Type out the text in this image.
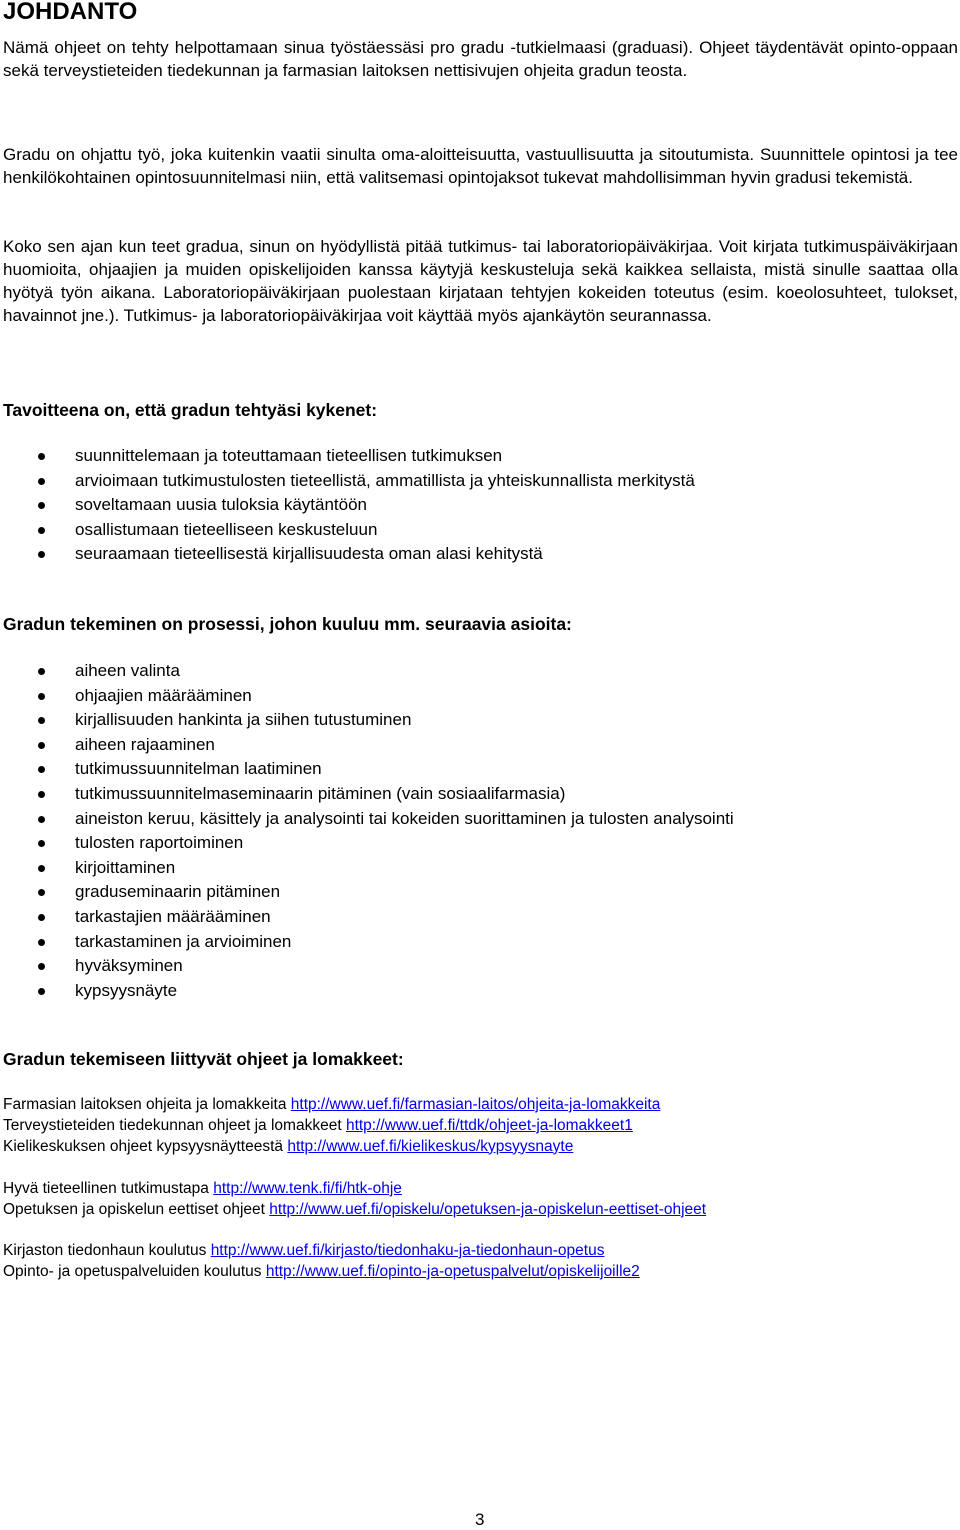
JOHDANTO

Nämä ohjeet on tehty helpottamaan sinua työstäessäsi pro gradu -tutkielmaasi (graduasi). Ohjeet täydentävät opinto-oppaan sekä terveystieteiden tiedekunnan ja farmasian laitoksen nettisivujen ohjeita gradun teosta.

Gradu on ohjattu työ, joka kuitenkin vaatii sinulta oma-aloitteisuutta, vastuullisuutta ja sitoutumista. Suunnittele opintosi ja tee henkilökohtainen opintosuunnitelmasi niin, että valitsemasi opintojaksot tukevat mahdollisimman hyvin gradusi tekemistä.

Koko sen ajan kun teet gradua, sinun on hyödyllistä pitää tutkimus- tai laboratoriopäiväkirjaa. Voit kirjata tutkimuspäiväkirjaan huomioita, ohjaajien ja muiden opiskelijoiden kanssa käytyjä keskusteluja sekä kaikkea sellaista, mistä sinulle saattaa olla hyötyä työn aikana. Laboratoriopäiväkirjaan puolestaan kirjataan tehtyjen kokeiden toteutus (esim. koeolosuhteet, tulokset, havainnot jne.). Tutkimus- ja laboratoriopäiväkirjaa voit käyttää myös ajankäytön seurannassa.

Tavoitteena on, että gradun tehtyäsi kykenet:

suunnittelemaan ja toteuttamaan tieteellisen tutkimuksen
arvioimaan tutkimustulosten tieteellistä, ammatillista ja yhteiskunnallista merkitystä
soveltamaan uusia tuloksia käytäntöön
osallistumaan tieteelliseen keskusteluun
seuraamaan tieteellisestä kirjallisuudesta oman alasi kehitystä

Gradun tekeminen on prosessi, johon kuuluu mm. seuraavia asioita:

aiheen valinta
ohjaajien määrääminen
kirjallisuuden hankinta ja siihen tutustuminen
aiheen rajaaminen
tutkimussuunnitelman laatiminen
tutkimussuunnitelmaseminaarin pitäminen (vain sosiaalifarmasia)
aineiston keruu, käsittely ja analysointi tai kokeiden suorittaminen ja tulosten analysointi
tulosten raportoiminen
kirjoittaminen
graduseminaarin pitäminen
tarkastajien määrääminen
tarkastaminen ja arvioiminen
hyväksyminen
kypsyysnäyte

Gradun tekemiseen liittyvät ohjeet ja lomakkeet:

Farmasian laitoksen ohjeita ja lomakkeita http://www.uef.fi/farmasian-laitos/ohjeita-ja-lomakkeita
Terveystieteiden tiedekunnan ohjeet ja lomakkeet http://www.uef.fi/ttdk/ohjeet-ja-lomakkeet1
Kielikeskuksen ohjeet kypsyysnäytteestä http://www.uef.fi/kielikeskus/kypsyysnayte
Hyvä tieteellinen tutkimustapa http://www.tenk.fi/fi/htk-ohje
Opetuksen ja opiskelun eettiset ohjeet http://www.uef.fi/opiskelu/opetuksen-ja-opiskelun-eettiset-ohjeet
Kirjaston tiedonhaun koulutus http://www.uef.fi/kirjasto/tiedonhaku-ja-tiedonhaun-opetus
Opinto- ja opetuspalveluiden koulutus http://www.uef.fi/opinto-ja-opetuspalvelut/opiskelijoille2
3
